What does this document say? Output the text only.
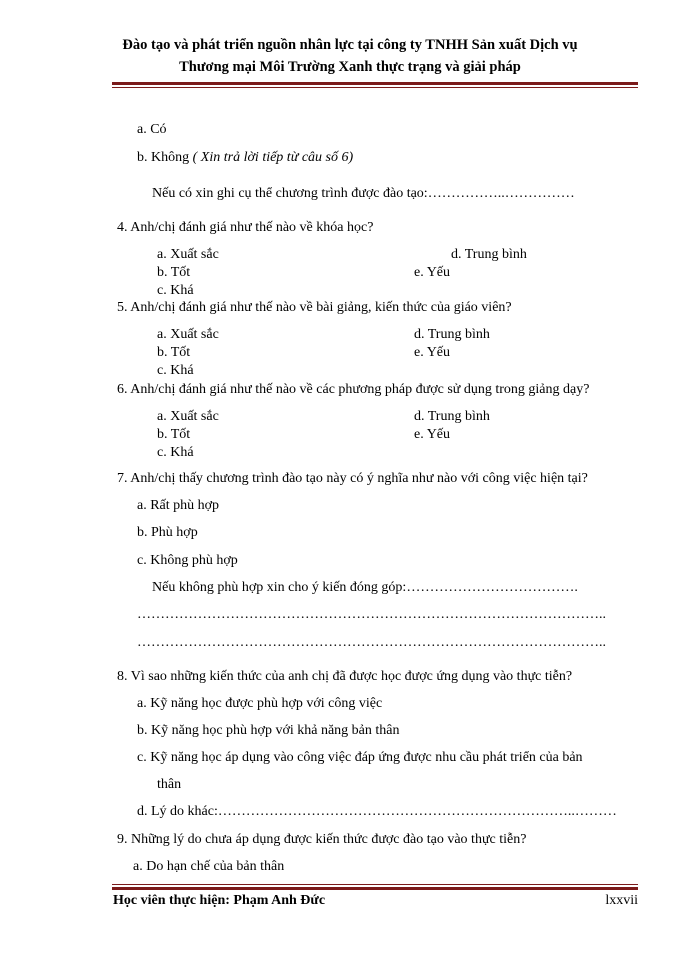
Đào tạo và phát triển nguồn nhân lực tại công ty TNHH Sản xuất Dịch vụ
Thương mại Môi Trường Xanh thực trạng và giải pháp
a. Có
b. Không ( Xin trả lời tiếp từ câu số 6)
Nếu có xin ghi cụ thể chương trình được đào tạo:……………..……………
4. Anh/chị đánh giá như thế nào về khóa học?
a. Xuất sắc
b. Tốt
c. Khá
d. Trung bình
e. Yếu
5. Anh/chị đánh giá như thế nào về bài giảng, kiến thức của giáo viên?
a. Xuất sắc
b. Tốt
c. Khá
d. Trung bình
e. Yếu
6. Anh/chị đánh giá như thế nào về các phương pháp được sử dụng trong giảng dạy?
a. Xuất sắc
b. Tốt
c. Khá
d. Trung bình
e. Yếu
7. Anh/chị thấy chương trình đào tạo này có ý nghĩa như nào với công việc hiện tại?
a. Rất phù hợp
b. Phù hợp
c. Không phù hợp
Nếu không phù hợp xin cho ý kiến đóng góp:……………………………….
………………………………………………………………………………………..
………………………………………………………………………………………..
8. Vì sao những kiến thức của anh chị đã được học được ứng dụng vào thực tiễn?
a. Kỹ năng học được phù hợp với công việc
b. Kỹ năng học phù hợp với khả năng bản thân
c. Kỹ năng học áp dụng vào công việc đáp ứng được nhu cầu phát triển của bản
thân
d. Lý do khác:…………………………………………………………………..………
9. Những lý do chưa áp dụng được kiến thức được đào tạo vào thực tiễn?
a. Do hạn chế của bản thân
Học viên thực hiện: Phạm Anh Đức	lxxvii
